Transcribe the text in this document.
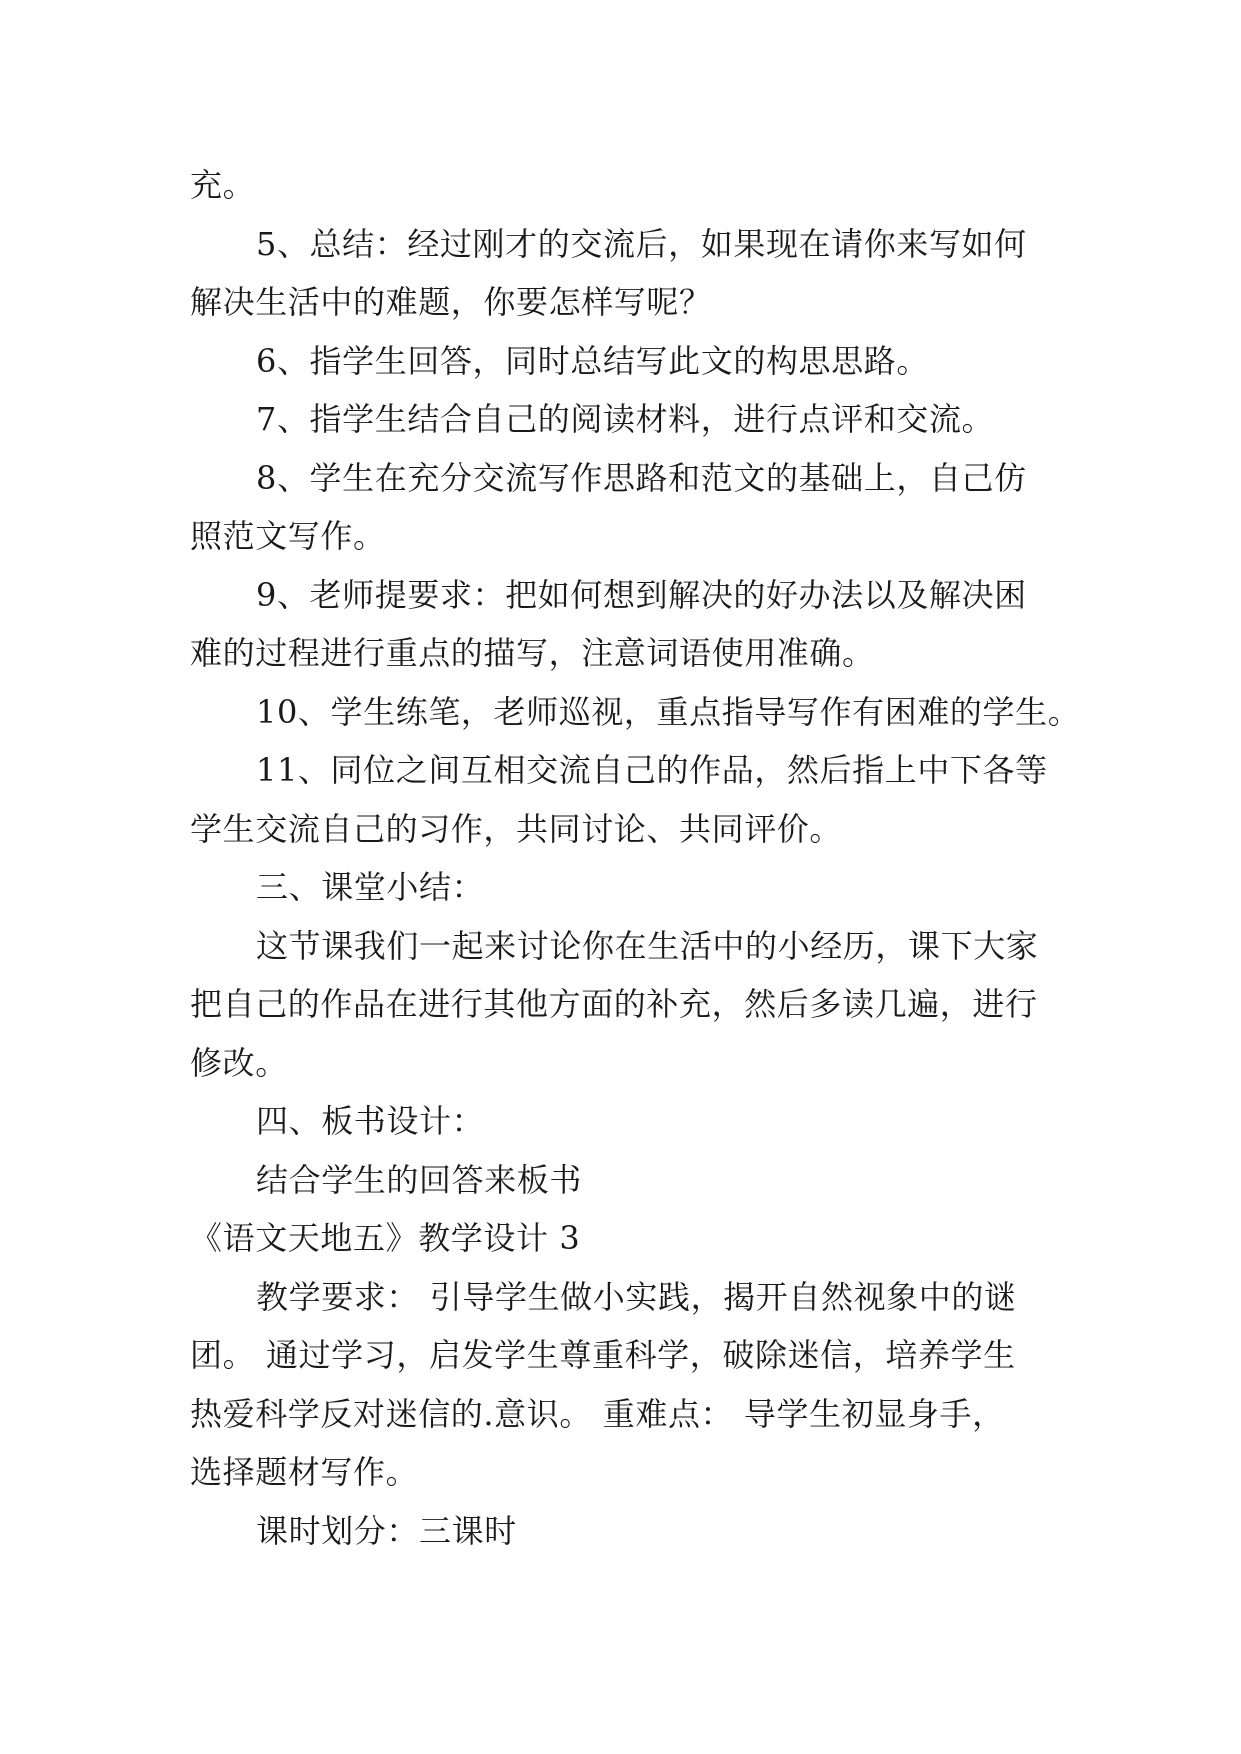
充。
5、总结：经过刚才的交流后，如果现在请你来写如何
解决生活中的难题，你要怎样写呢？
6、指学生回答，同时总结写此文的构思思路。
7、指学生结合自己的阅读材料，进行点评和交流。
8、学生在充分交流写作思路和范文的基础上，自己仿
照范文写作。
9、老师提要求：把如何想到解决的好办法以及解决困
难的过程进行重点的描写，注意词语使用准确。
10、学生练笔，老师巡视，重点指导写作有困难的学生。
11、同位之间互相交流自己的作品，然后指上中下各等
学生交流自己的习作，共同讨论、共同评价。
三、课堂小结：
这节课我们一起来讨论你在生活中的小经历，课下大家
把自己的作品在进行其他方面的补充，然后多读几遍，进行
修改。
四、板书设计：
结合学生的回答来板书
《语文天地五》教学设计 3
教学要求： 引导学生做小实践，揭开自然视象中的谜
团。 通过学习，启发学生尊重科学，破除迷信，培养学生
热爱科学反对迷信的.意识。 重难点： 导学生初显身手，
选择题材写作。
课时划分：三课时
